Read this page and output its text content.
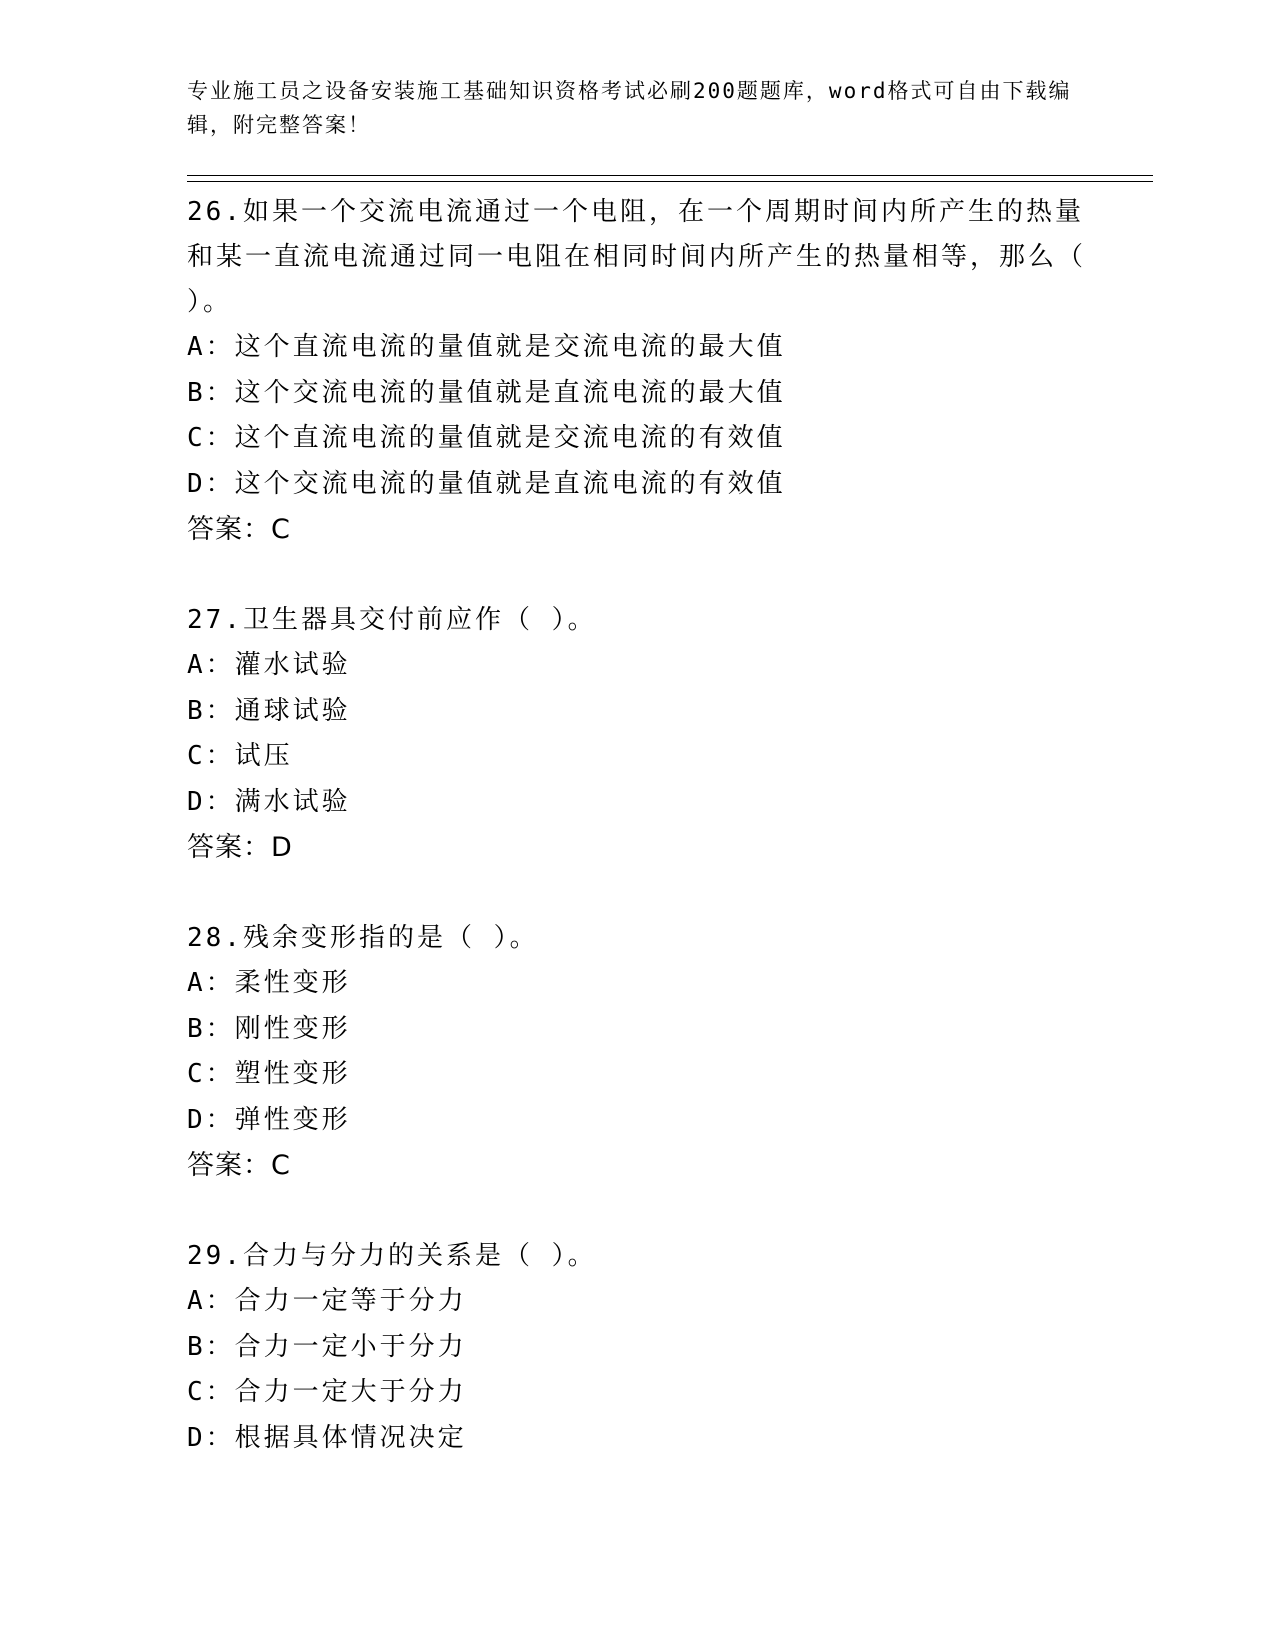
专业施工员之设备安装施工基础知识资格考试必刷200题题库，word格式可自由下载编辑，附完整答案！
26.如果一个交流电流通过一个电阻，在一个周期时间内所产生的热量和某一直流电流通过同一电阻在相同时间内所产生的热量相等，那么（ ）。
A：这个直流电流的量值就是交流电流的最大值
B：这个交流电流的量值就是直流电流的最大值
C：这个直流电流的量值就是交流电流的有效值
D：这个交流电流的量值就是直流电流的有效值
答案：C
27.卫生器具交付前应作（ ）。
A：灌水试验
B：通球试验
C：试压
D：满水试验
答案：D
28.残余变形指的是（ ）。
A：柔性变形
B：刚性变形
C：塑性变形
D：弹性变形
答案：C
29.合力与分力的关系是（ ）。
A：合力一定等于分力
B：合力一定小于分力
C：合力一定大于分力
D：根据具体情况决定
